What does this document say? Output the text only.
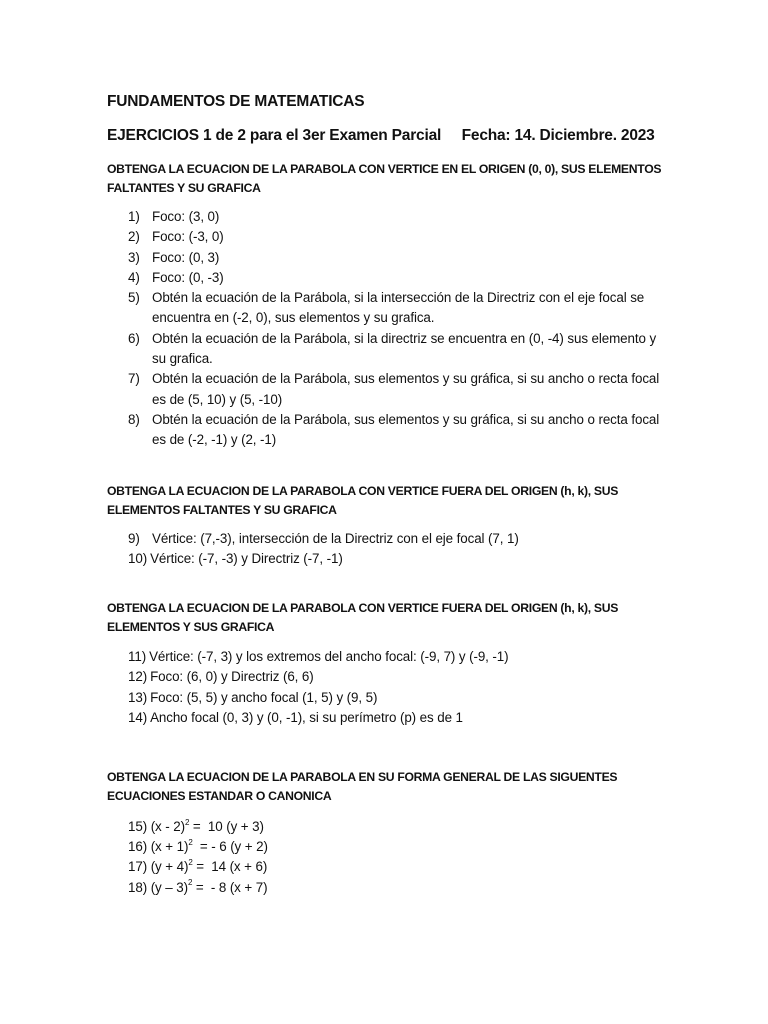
FUNDAMENTOS DE MATEMATICAS
EJERCICIOS 1 de 2 para el 3er Examen Parcial     Fecha: 14. Diciembre. 2023
OBTENGA LA ECUACION DE LA PARABOLA CON VERTICE EN EL ORIGEN (0, 0), SUS ELEMENTOS FALTANTES Y SU GRAFICA
1) Foco: (3, 0)
2) Foco: (-3, 0)
3) Foco: (0, 3)
4) Foco: (0, -3)
5) Obtén la ecuación de la Parábola, si la intersección de la Directriz con el eje focal se encuentra en (-2, 0), sus elementos y su grafica.
6) Obtén la ecuación de la Parábola, si la directriz se encuentra en (0, -4) sus elemento y su grafica.
7) Obtén la ecuación de la Parábola, sus elementos y su gráfica, si su ancho o recta focal es de (5, 10) y (5, -10)
8) Obtén la ecuación de la Parábola, sus elementos y su gráfica, si su ancho o recta focal es de (-2, -1) y (2, -1)
OBTENGA LA ECUACION DE LA PARABOLA CON VERTICE FUERA DEL ORIGEN (h, k), SUS ELEMENTOS FALTANTES Y SU GRAFICA
9) Vértice: (7,-3), intersección de la Directriz con el eje focal (7, 1)
10) Vértice: (-7, -3) y Directriz (-7, -1)
OBTENGA LA ECUACION DE LA PARABOLA CON VERTICE FUERA DEL ORIGEN (h, k), SUS ELEMENTOS Y SUS GRAFICA
11) Vértice: (-7, 3) y los extremos del ancho focal: (-9, 7) y (-9, -1)
12) Foco: (6, 0) y Directriz (6, 6)
13) Foco: (5, 5) y ancho focal (1, 5) y (9, 5)
14) Ancho focal (0, 3) y (0, -1), si su perímetro (p) es de 1
OBTENGA LA ECUACION DE LA PARABOLA EN SU FORMA GENERAL DE LAS SIGUENTES ECUACIONES ESTANDAR O CANONICA
15) (x - 2)$^2$ =  10 (y + 3)
16) $(x + 1)^2$  = - 6 (y + 2)
17) $(y + 4)^2 = 14$ (x + 6)
18) (y – 3)$^2$ =  - 8 (x + 7)
